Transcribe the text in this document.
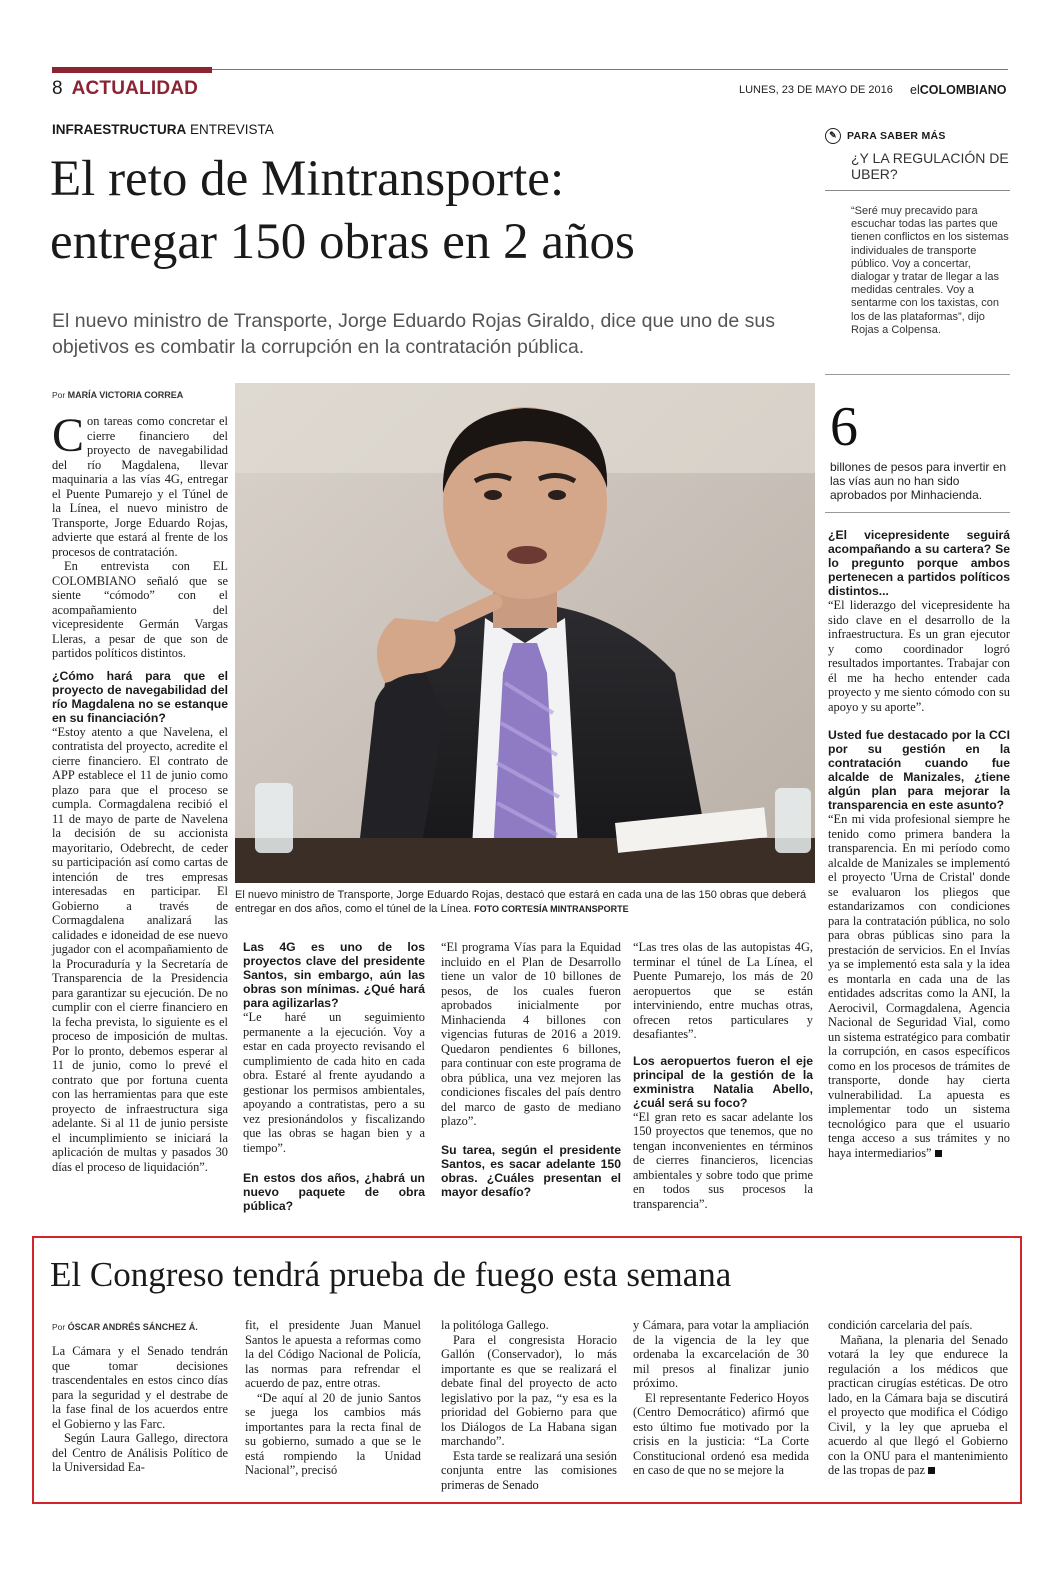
8 ACTUALIDAD	LUNES, 23 DE MAYO DE 2016 elCOLOMBIANO
INFRAESTRUCTURA ENTREVISTA
El reto de Mintransporte:
entregar 150 obras en 2 años
El nuevo ministro de Transporte, Jorge Eduardo Rojas Giraldo, dice que uno de sus objetivos es combatir la corrupción en la contratación pública.
Por MARÍA VICTORIA CORREA

Con tareas como concretar el cierre financiero del proyecto de navegabilidad del río Magdalena, llevar maquinaria a las vías 4G, entregar el Puente Pumarejo y el Túnel de la Línea, el nuevo ministro de Transporte, Jorge Eduardo Rojas, advierte que estará al frente de los procesos de contratación.

En entrevista con EL COLOMBIANO señaló que se siente “cómodo” con el acompañamiento del vicepresidente Germán Vargas Lleras, a pesar de que son de partidos políticos distintos.

¿Cómo hará para que el proyecto de navegabilidad del río Magdalena no se estanque en su financiación?

“Estoy atento a que Navelena, el contratista del proyecto, acredite el cierre financiero. El contrato de APP establece el 11 de junio como plazo para que el proceso se cumpla. Cormagdalena recibió el 11 de mayo de parte de Navelena la decisión de su accionista mayoritario, Odebrecht, de ceder su participación así como cartas de intención de tres empresas interesadas en participar. El Gobierno a través de Cormagdalena analizará las calidades e idoneidad de ese nuevo jugador con el acompañamiento de la Procuraduría y la Secretaría de Transparencia de la Presidencia para garantizar su ejecución. De no cumplir con el cierre financiero en la fecha prevista, lo siguiente es el proceso de imposición de multas. Por lo pronto, debemos esperar al 11 de junio, como lo prevé el contrato que por fortuna cuenta con las herramientas para que este proyecto de infraestructura siga adelante. Si al 11 de junio persiste el incumplimiento se iniciará la aplicación de multas y pasados 30 días el proceso de liquidación”.

El nuevo ministro de Transporte, Jorge Eduardo Rojas, destacó que estará en cada una de las 150 obras que deberá entregar en dos años, como el túnel de la Línea. FOTO CORTESÍA MINTRANSPORTE
Las 4G es uno de los proyectos clave del presidente Santos, sin embargo, aún las obras son mínimas. ¿Qué hará para agilizarlas?

“Le haré un seguimiento permanente a la ejecución. Voy a estar en cada proyecto revisando el cumplimiento de cada hito en cada obra. Estaré al frente ayudando a gestionar los permisos ambientales, apoyando a contratistas, pero a su vez presionándolos y fiscalizando que las obras se hagan bien y a tiempo”.

En estos dos años, ¿habrá un nuevo paquete de obra pública?

“El programa Vías para la Equidad incluido en el Plan de Desarrollo tiene un valor de 10 billones de pesos, de los cuales fueron aprobados inicialmente por Minhacienda 4 billones con vigencias futuras de 2016 a 2019. Quedaron pendientes 6 billones, para continuar con este programa de obra pública, una vez mejoren las condiciones fiscales del país dentro del marco de gasto de mediano plazo”.

Su tarea, según el presidente Santos, es sacar adelante 150 obras. ¿Cuáles presentan el mayor desafío?

“Las tres olas de las autopistas 4G, terminar el túnel de La Línea, el Puente Pumarejo, los más de 20 aeropuertos que se están interviniendo, entre muchas otras, ofrecen retos particulares y desafiantes”.

Los aeropuertos fueron el eje principal de la gestión de la exministra Natalia Abello, ¿cuál será su foco?

“El gran reto es sacar adelante los 150 proyectos que tenemos, que no tengan inconvenientes en términos de cierres financieros, licencias ambientales y sobre todo que prime en todos sus procesos la transparencia”.

✎ PARA SABER MÁS
¿Y LA REGULACIÓN DE UBER?
“Seré muy precavido para escuchar todas las partes que tienen conflictos en los sistemas individuales de transporte público. Voy a concertar, dialogar y tratar de llegar a las medidas centrales. Voy a sentarme con los taxistas, con los de las plataformas”, dijo Rojas a Colpensa.
6
billones de pesos para invertir en las vías aun no han sido aprobados por Minhacienda.
¿El vicepresidente seguirá acompañando a su cartera? Se lo pregunto porque ambos pertenecen a partidos políticos distintos...

“El liderazgo del vicepresidente ha sido clave en el desarrollo de la infraestructura. Es un gran ejecutor y como coordinador logró resultados importantes. Trabajar con él me ha hecho entender cada proyecto y me siento cómodo con su apoyo y su aporte”.

Usted fue destacado por la CCI por su gestión en la contratación cuando fue alcalde de Manizales, ¿tiene algún plan para mejorar la transparencia en este asunto?

“En mi vida profesional siempre he tenido como primera bandera la transparencia. En mi período como alcalde de Manizales se implementó el proyecto 'Urna de Cristal' donde se evaluaron los pliegos que estandarizamos con condiciones para la contratación pública, no solo para obras públicas sino para la prestación de servicios. En el Invías ya se implementó esta sala y la idea es montarla en cada una de las entidades adscritas como la ANI, la Aerocivil, Cormagdalena, Agencia Nacional de Seguridad Vial, como un sistema estratégico para combatir la corrupción, en casos específicos como en los procesos de trámites de transporte, donde hay cierta vulnerabilidad. La apuesta es implementar todo un sistema tecnológico para que el usuario tenga acceso a sus trámites y no haya intermediarios”

El Congreso tendrá prueba de fuego esta semana
Por ÓSCAR ANDRÉS SÁNCHEZ Á.

La Cámara y el Senado tendrán que tomar decisiones trascendentales en estos cinco días para la seguridad y el destrabe de la fase final de los acuerdos entre el Gobierno y las Farc.

Según Laura Gallego, directora del Centro de Análisis Político de la Universidad Ea-

fit, el presidente Juan Manuel Santos le apuesta a reformas como la del Código Nacional de Policía, las normas para refrendar el acuerdo de paz, entre otras.

“De aquí al 20 de junio Santos se juega los cambios más importantes para la recta final de su gobierno, sumado a que se le está rompiendo la Unidad Nacional”, precisó

la politóloga Gallego.

Para el congresista Horacio Gallón (Conservador), lo más importante es que se realizará el debate final del proyecto de acto legislativo por la paz, “y esa es la prioridad del Gobierno para que los Diálogos de La Habana sigan marchando”.

Esta tarde se realizará una sesión conjunta entre las comisiones primeras de Senado

y Cámara, para votar la ampliación de la vigencia de la ley que ordenaba la excarcelación de 30 mil presos al finalizar junio próximo.

El representante Federico Hoyos (Centro Democrático) afirmó que esto último fue motivado por la crisis en la justicia: “La Corte Constitucional ordenó esa medida en caso de que no se mejore la

condición carcelaria del país.

Mañana, la plenaria del Senado votará la ley que endurece la regulación a los médicos que practican cirugías estéticas. De otro lado, en la Cámara baja se discutirá el proyecto que modifica el Código Civil, y la ley que aprueba el acuerdo al que llegó el Gobierno con la ONU para el mantenimiento de las tropas de paz
